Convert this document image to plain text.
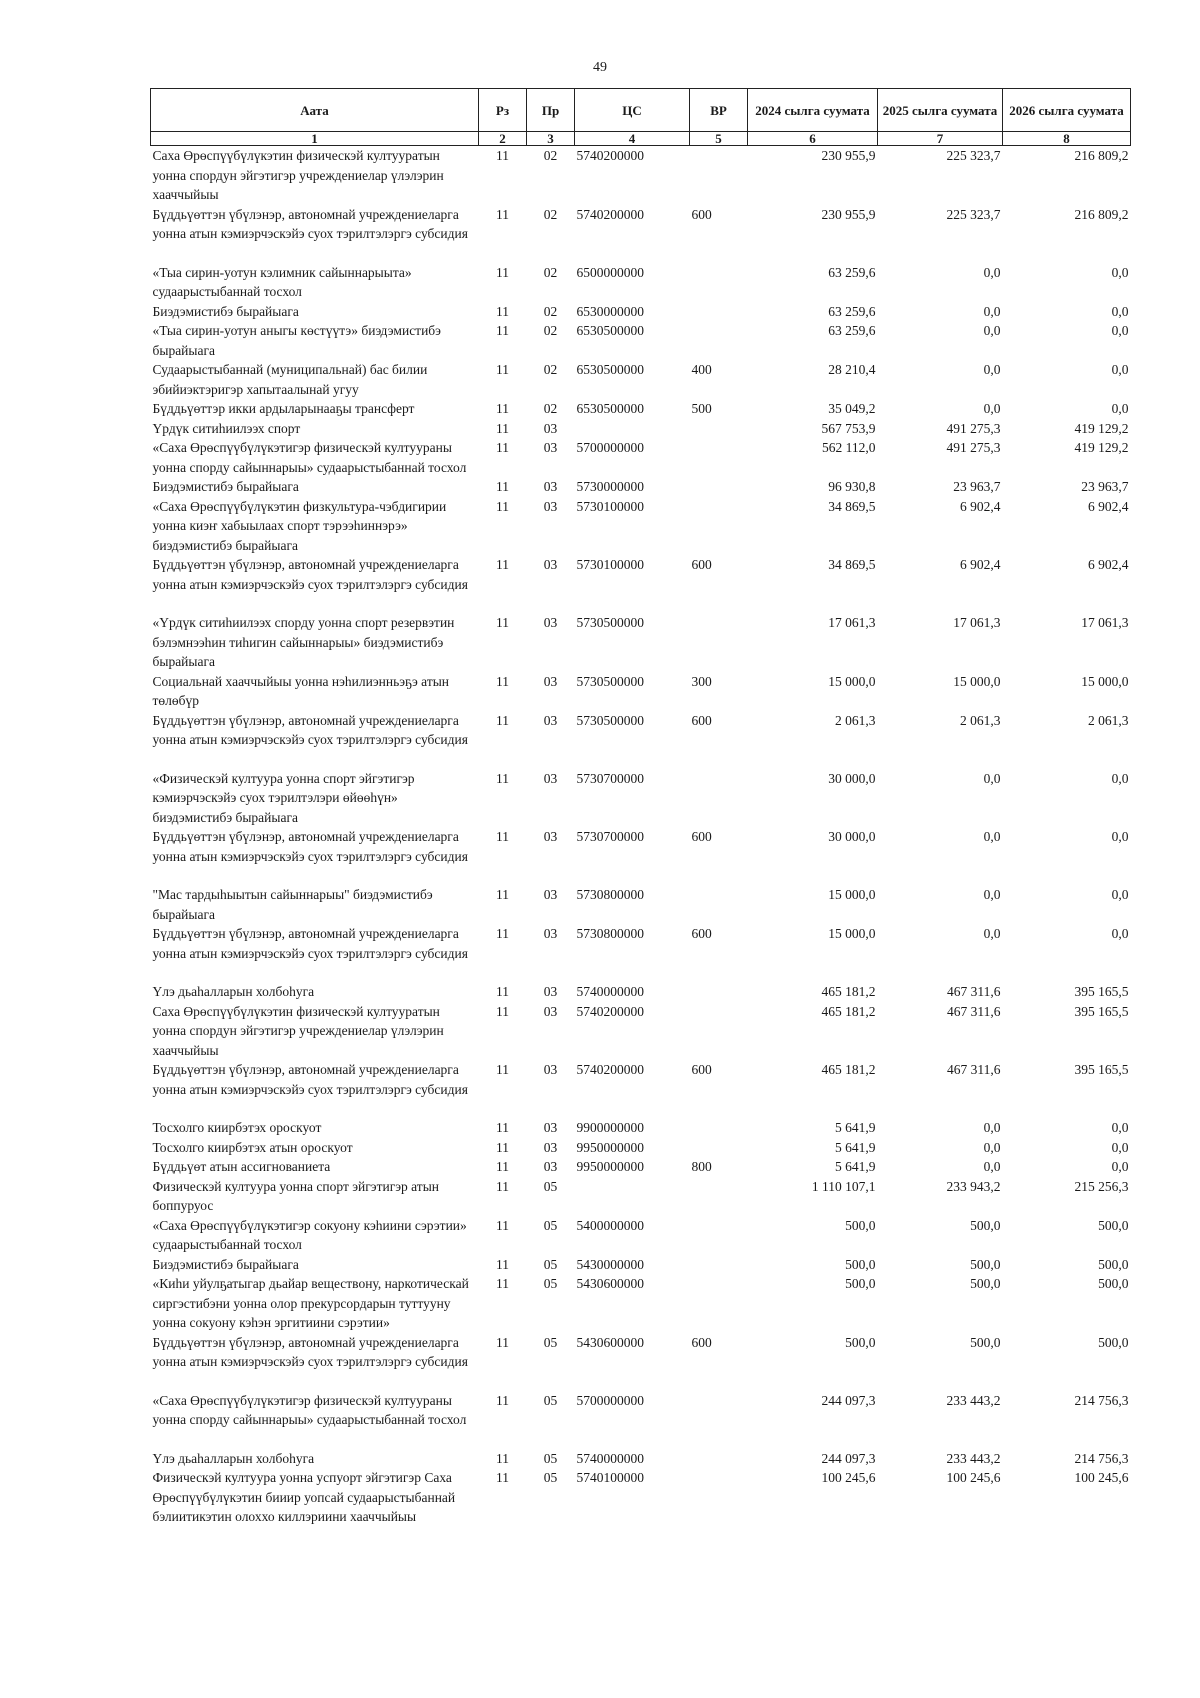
49
Аата	Рз	Пр	ЦС	ВР	2024 сылга суумата	2025 сылга суумата	2026 сылга суумата
1	2	3	4	5	6	7	8
Саха Өрөспүүбүлүкэтин физическэй култууратын уонна спордун эйгэтигэр учреждениелар үлэлэрин хааччыйыы	11	02	5740200000		230 955,9	225 323,7	216 809,2
Бүддьүөттэн үбүлэнэр, автономнай учреждениеларга уонна атын кэмиэрчэскэйэ суох тэрилтэлэргэ субсидия	11	02	5740200000	600	230 955,9	225 323,7	216 809,2
«Тыа сирин-уотун кэлимник сайыннарыыта» судаарыстыбаннай тосхол	11	02	6500000000		63 259,6	0,0	0,0
Биэдэмистибэ бырайыага	11	02	6530000000		63 259,6	0,0	0,0
«Тыа сирин-уотун аныгы көстүүтэ» биэдэмистибэ бырайыага	11	02	6530500000		63 259,6	0,0	0,0
Судаарыстыбаннай (муниципальнай) бас билии эбийиэктэригэр хапытаалынай угуу	11	02	6530500000	400	28 210,4	0,0	0,0
Бүддьүөттэр икки ардыларынааҕы трансферт	11	02	6530500000	500	35 049,2	0,0	0,0
Үрдүк ситиһиилээх спорт	11	03			567 753,9	491 275,3	419 129,2
«Саха Өрөспүүбүлүкэтигэр физическэй култуураны уонна спорду сайыннарыы» судаарыстыбаннай тосхол	11	03	5700000000		562 112,0	491 275,3	419 129,2
Биэдэмистибэ бырайыага	11	03	5730000000		96 930,8	23 963,7	23 963,7
«Саха Өрөспүүбүлүкэтин физкультура-чэбдигирии уонна киэҥ хабыылаах спорт тэрээһиннэрэ» биэдэмистибэ бырайыага	11	03	5730100000		34 869,5	6 902,4	6 902,4
Бүддьүөттэн үбүлэнэр, автономнай учреждениеларга уонна атын кэмиэрчэскэйэ суох тэрилтэлэргэ субсидия	11	03	5730100000	600	34 869,5	6 902,4	6 902,4
«Үрдүк ситиһиилээх спорду уонна спорт резервэтин бэлэмнээһин тиһигин сайыннарыы» биэдэмистибэ бырайыага	11	03	5730500000		17 061,3	17 061,3	17 061,3
Социальнай хааччыйыы уонна нэһилиэнньэҕэ атын төлөбүр	11	03	5730500000	300	15 000,0	15 000,0	15 000,0
Бүддьүөттэн үбүлэнэр, автономнай учреждениеларга уонна атын кэмиэрчэскэйэ суох тэрилтэлэргэ субсидия	11	03	5730500000	600	2 061,3	2 061,3	2 061,3
«Физическэй култуура уонна спорт эйгэтигэр кэмиэрчэскэйэ суох тэрилтэлэри өйөөһүн» биэдэмистибэ бырайыага	11	03	5730700000		30 000,0	0,0	0,0
Бүддьүөттэн үбүлэнэр, автономнай учреждениеларга уонна атын кэмиэрчэскэйэ суох тэрилтэлэргэ субсидия	11	03	5730700000	600	30 000,0	0,0	0,0
"Мас тардыһыытын сайыннарыы" биэдэмистибэ бырайыага	11	03	5730800000		15 000,0	0,0	0,0
Бүддьүөттэн үбүлэнэр, автономнай учреждениеларга уонна атын кэмиэрчэскэйэ суох тэрилтэлэргэ субсидия	11	03	5730800000	600	15 000,0	0,0	0,0
Үлэ дьаһалларын холбоһуга	11	03	5740000000		465 181,2	467 311,6	395 165,5
Саха Өрөспүүбүлүкэтин физическэй култууратын уонна спордун эйгэтигэр учреждениелар үлэлэрин хааччыйыы	11	03	5740200000		465 181,2	467 311,6	395 165,5
Бүддьүөттэн үбүлэнэр, автономнай учреждениеларга уонна атын кэмиэрчэскэйэ суох тэрилтэлэргэ субсидия	11	03	5740200000	600	465 181,2	467 311,6	395 165,5
Тосхолго киирбэтэх ороскуот	11	03	9900000000		5 641,9	0,0	0,0
Тосхолго киирбэтэх атын ороскуот	11	03	9950000000		5 641,9	0,0	0,0
Бүддьүөт атын ассигнованиета	11	03	9950000000	800	5 641,9	0,0	0,0
Физическэй култуура уонна спорт эйгэтигэр атын боппуруос	11	05			1 110 107,1	233 943,2	215 256,3
«Саха Өрөспүүбүлүкэтигэр сокуону кэһиини сэрэтии» судаарыстыбаннай тосхол	11	05	5400000000		500,0	500,0	500,0
Биэдэмистибэ бырайыага	11	05	5430000000		500,0	500,0	500,0
«Киһи уйулҕатыгар дьайар веществону, наркотическай сиргэстибэни уонна олор прекурсордарын туттууну уонна сокуону кэһэн эргитиини сэрэтии»	11	05	5430600000		500,0	500,0	500,0
Бүддьүөттэн үбүлэнэр, автономнай учреждениеларга уонна атын кэмиэрчэскэйэ суох тэрилтэлэргэ субсидия	11	05	5430600000	600	500,0	500,0	500,0
«Саха Өрөспүүбүлүкэтигэр физическэй култуураны уонна спорду сайыннарыы» судаарыстыбаннай тосхол	11	05	5700000000		244 097,3	233 443,2	214 756,3
Үлэ дьаһалларын холбоһуга	11	05	5740000000		244 097,3	233 443,2	214 756,3
Физическэй култуура уонна успуорт эйгэтигэр Саха Өрөспүүбүлүкэтин бииир уопсай судаарыстыбаннай бэлиитикэтин олоххо киллэриини хааччыйыы	11	05	5740100000		100 245,6	100 245,6	100 245,6
